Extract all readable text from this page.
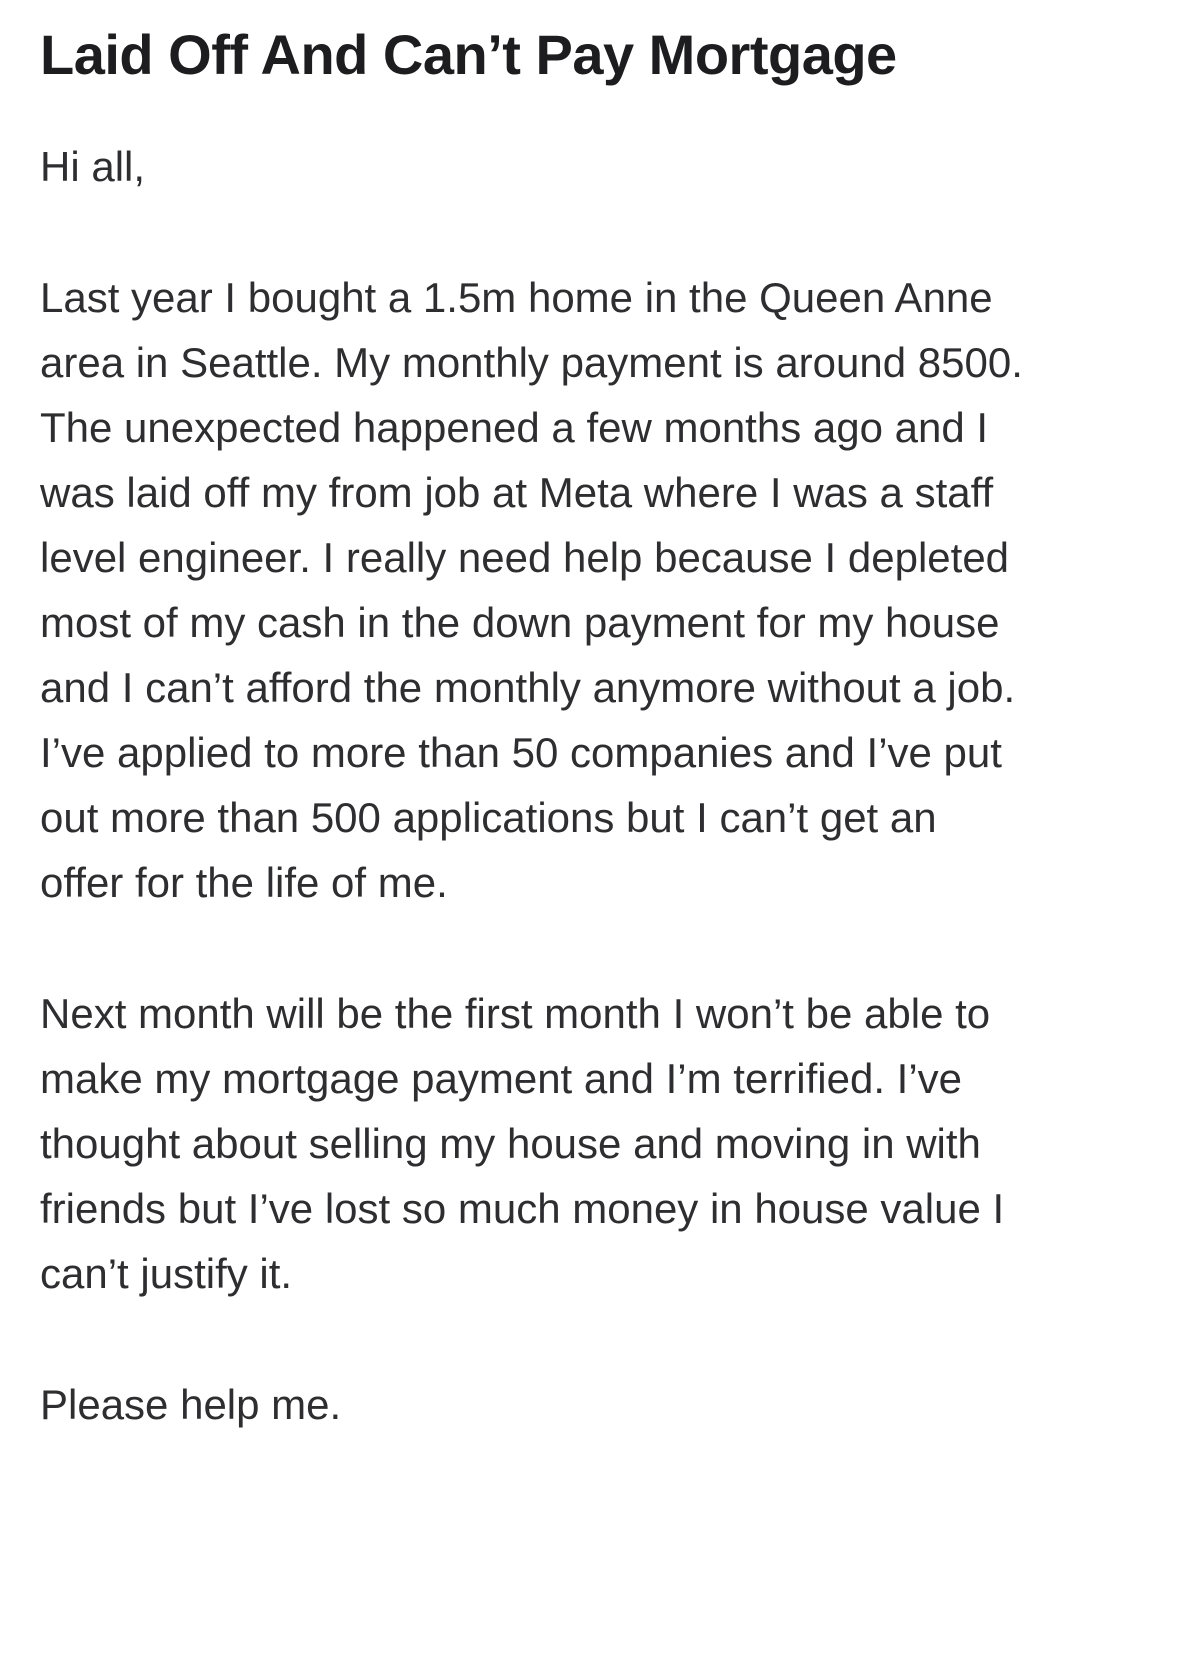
Laid Off And Can’t Pay Mortgage

Hi all,

Last year I bought a 1.5m home in the Queen Anne area in Seattle. My monthly payment is around 8500. The unexpected happened a few months ago and I was laid off my from job at Meta where I was a staff level engineer. I really need help because I depleted most of my cash in the down payment for my house and I can’t afford the monthly anymore without a job. I’ve applied to more than 50 companies and I’ve put out more than 500 applications but I can’t get an offer for the life of me.

Next month will be the first month I won’t be able to make my mortgage payment and I’m terrified. I’ve thought about selling my house and moving in with friends but I’ve lost so much money in house value I can’t justify it.

Please help me.
